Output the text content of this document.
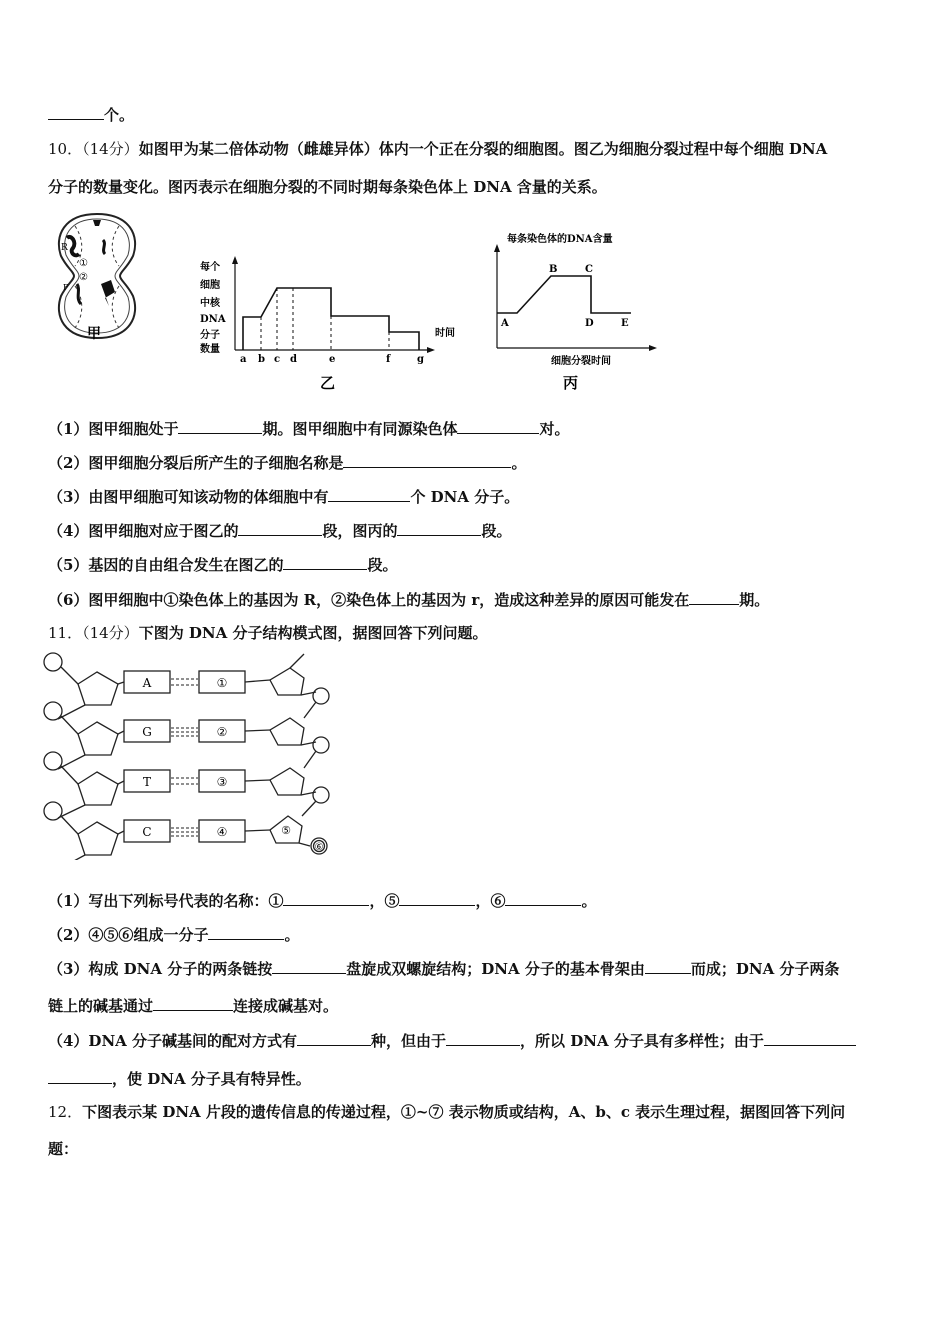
个。
10．（14分）如图甲为某二倍体动物（雌雄异体）体内一个正在分裂的细胞图。图乙为细胞分裂过程中每个细胞 DNA
分子的数量变化。图丙表示在细胞分裂的不同时期每条染色体上 DNA 含量的关系。
R
①
②
F
甲
每个
细胞
中核
DNA
分子
数量
a b c d	e	f	g
时间
乙
每条染色体的DNA含量
A
B	C
D	E
细胞分裂时间
丙
（1）图甲细胞处于	期。图甲细胞中有同源染色体	对。
（2）图甲细胞分裂后所产生的子细胞名称是	。
（3）由图甲细胞可知该动物的体细胞中有	个 DNA 分子。
（4）图甲细胞对应于图乙的	段，图丙的	段。
（5）基因的自由组合发生在图乙的	段。
（6）图甲细胞中①染色体上的基因为 R，②染色体上的基因为 r，造成这种差异的原因可能发在	期。
11．（14分）下图为 DNA 分子结构模式图，据图回答下列问题。
A
G
T
C
①
②
③
④	⑤
⑥
（1）写出下列标号代表的名称：①	，⑤	，⑥	。
（2）④⑤⑥组成一分子	。
（3）构成 DNA 分子的两条链按	盘旋成双螺旋结构；DNA 分子的基本骨架由	而成；DNA 分子两条
链上的碱基通过	连接成碱基对。
（4）DNA 分子碱基间的配对方式有	种，但由于	，所以 DNA 分子具有多样性；由于
，使 DNA 分子具有特异性。
12．下图表示某 DNA 片段的遗传信息的传递过程，①~⑦ 表示物质或结构，A、b、c 表示生理过程，据图回答下列问
题：
